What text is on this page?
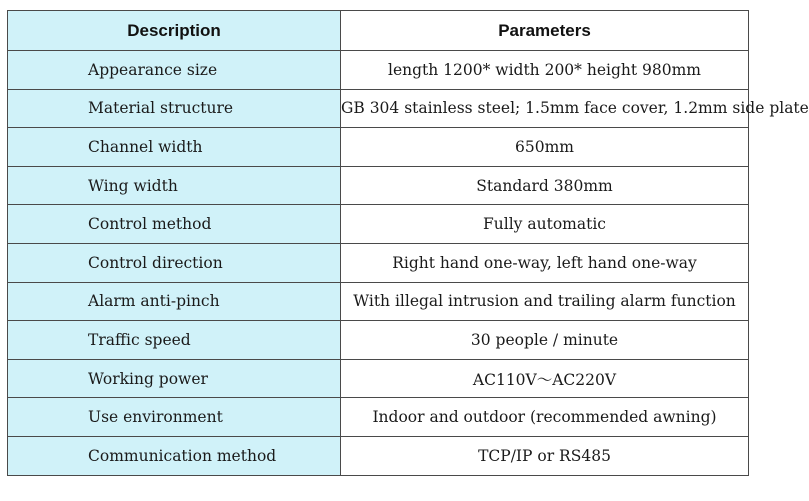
Description	Parameters
Appearance size	length 1200* width 200* height 980mm
Material structure	GB 304 stainless steel; 1.5mm face cover, 1.2mm side plate
Channel width	650mm
Wing width	Standard 380mm
Control method	Fully automatic
Control direction	Right hand one-way, left hand one-way
Alarm anti-pinch	With illegal intrusion and trailing alarm function
Traffic speed	30 people / minute
Working power	AC110V～AC220V
Use environment	Indoor and outdoor (recommended awning)
Communication method	TCP/IP or RS485
